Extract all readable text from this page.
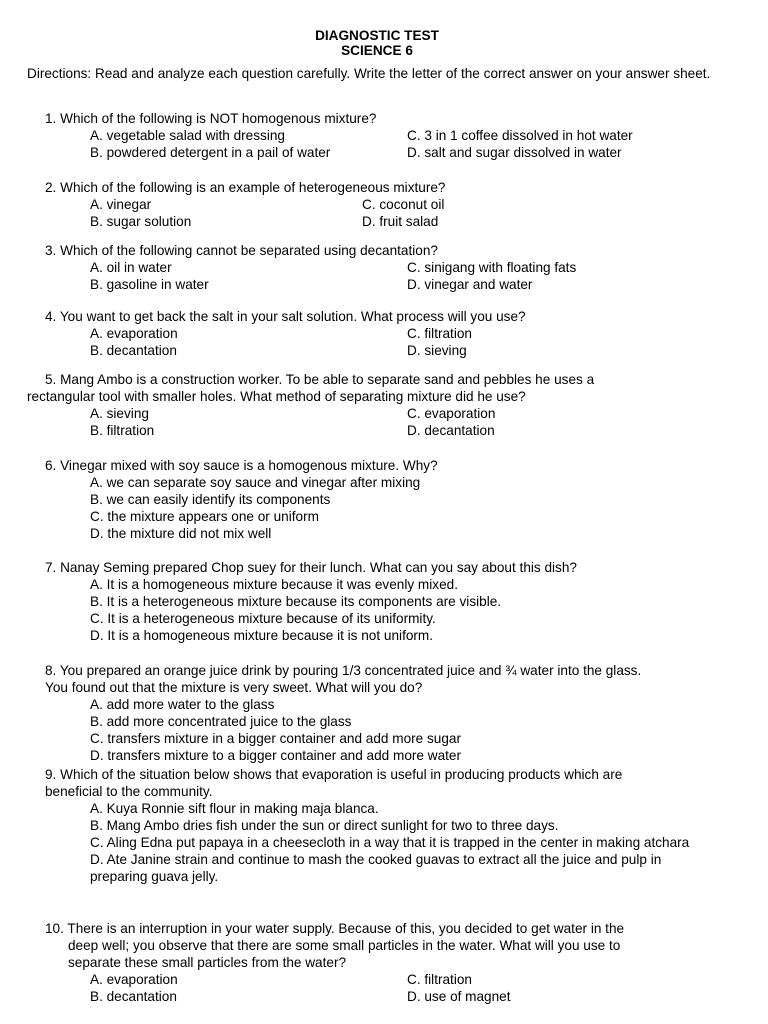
DIAGNOSTIC TEST
SCIENCE 6
Directions: Read and analyze each question carefully. Write the letter of the correct answer on your answer sheet.
1. Which of the following is NOT homogenous mixture?
A. vegetable salad with dressing	C. 3 in 1 coffee dissolved in hot water
B. powdered detergent in a pail of water	D. salt and sugar dissolved in water
2. Which of the following is an example of heterogeneous mixture?
A. vinegar	C. coconut oil
B. sugar solution	D. fruit salad
3. Which of the following cannot be separated using decantation?
A. oil in water	C. sinigang with floating fats
B. gasoline in water	D. vinegar and water
4. You want to get back the salt in your salt solution. What process will you use?
A. evaporation	C. filtration
B. decantation	D. sieving
5. Mang Ambo is a construction worker. To be able to separate sand and pebbles he uses a
rectangular tool with smaller holes. What method of separating mixture did he use?
A. sieving	C. evaporation
B. filtration	D. decantation
6. Vinegar mixed with soy sauce is a homogenous mixture. Why?
A. we can separate soy sauce and vinegar after mixing
B. we can easily identify its components
C. the mixture appears one or uniform
D. the mixture did not mix well
7. Nanay Seming prepared Chop suey for their lunch. What can you say about this dish?
A. It is a homogeneous mixture because it was evenly mixed.
B. It is a heterogeneous mixture because its components are visible.
C. It is a heterogeneous mixture because of its uniformity.
D. It is a homogeneous mixture because it is not uniform.
8. You prepared an orange juice drink by pouring 1/3 concentrated juice and ¾ water into the glass.
You found out that the mixture is very sweet. What will you do?
A. add more water to the glass
B. add more concentrated juice to the glass
C. transfers mixture in a bigger container and add more sugar
D. transfers mixture to a bigger container and add more water
9. Which of the situation below shows that evaporation is useful in producing products which are
beneficial to the community.
A. Kuya Ronnie sift flour in making maja blanca.
B. Mang Ambo dries fish under the sun or direct sunlight for two to three days.
C. Aling Edna put papaya in a cheesecloth in a way that it is trapped in the center in making atchara
D. Ate Janine strain and continue to mash the cooked guavas to extract all the juice and pulp in preparing guava jelly.
10. There is an interruption in your water supply. Because of this, you decided to get water in the
deep well; you observe that there are some small particles in the water. What will you use to
separate these small particles from the water?
A. evaporation	C. filtration
B. decantation	D. use of magnet
